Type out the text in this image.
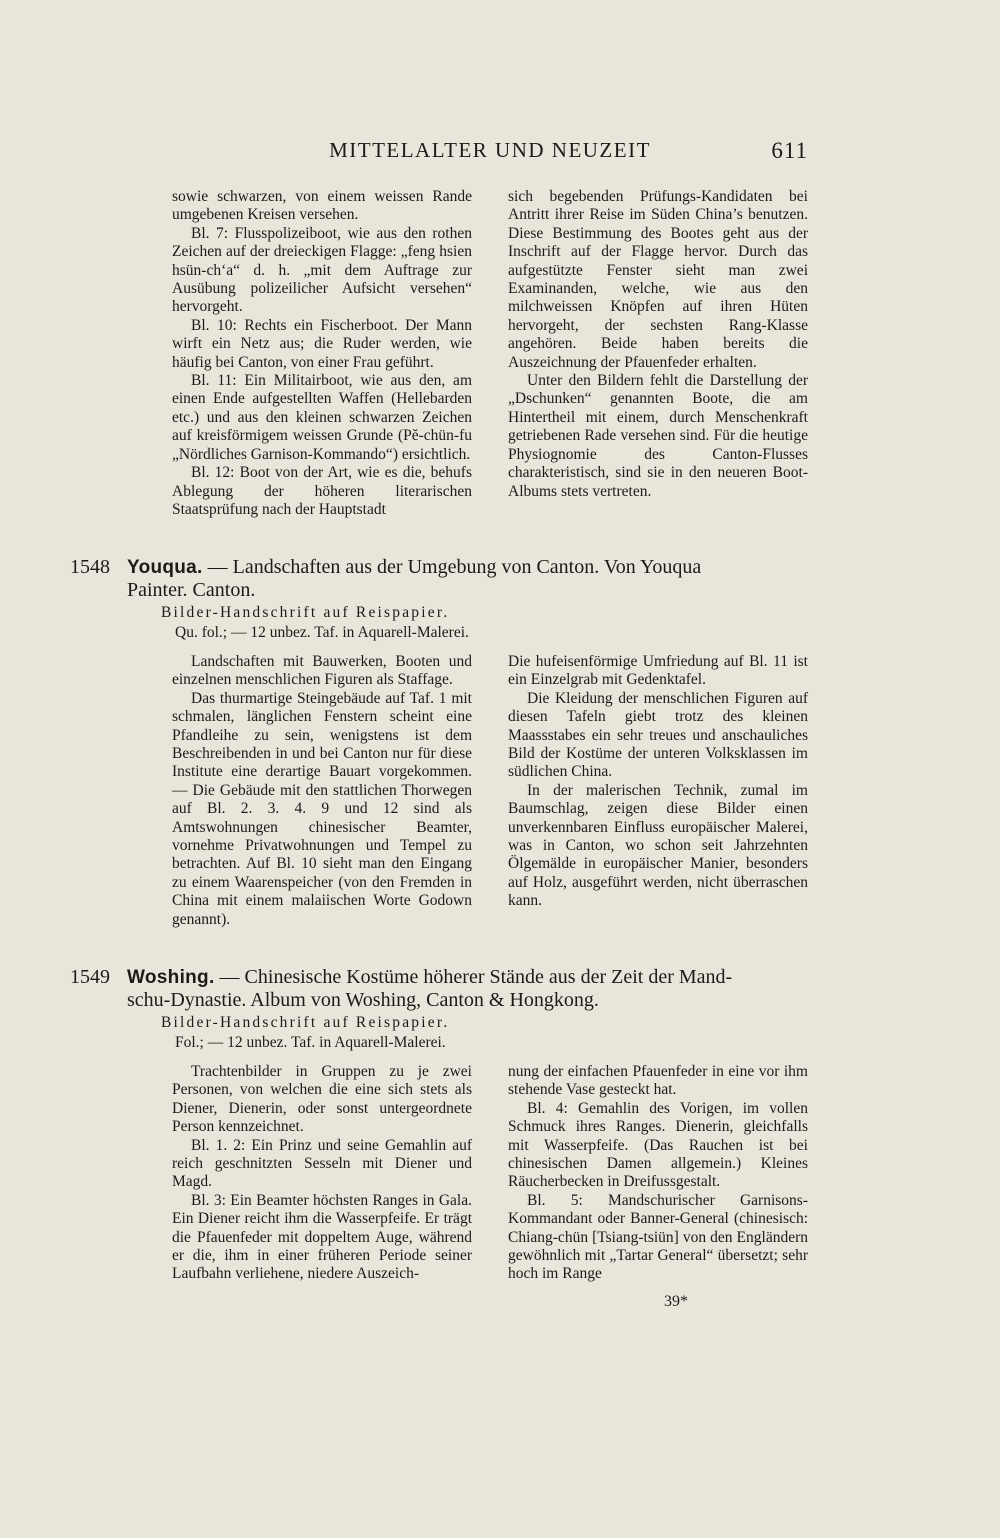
MITTELALTER UND NEUZEIT	611

sowie schwarzen, von einem weissen Rande umgebenen Kreisen versehen.

Bl. 7: Flusspolizeiboot, wie aus den rothen Zeichen auf der dreieckigen Flagge: „feng hsien hsün-ch‘a“ d. h. „mit dem Auftrage zur Ausübung polizeilicher Aufsicht versehen“ hervorgeht.

Bl. 10: Rechts ein Fischerboot. Der Mann wirft ein Netz aus; die Ruder werden, wie häufig bei Canton, von einer Frau geführt.

Bl. 11: Ein Militairboot, wie aus den, am einen Ende aufgestellten Waffen (Hellebarden etc.) und aus den kleinen schwarzen Zeichen auf kreisförmigem weissen Grunde (Pĕ-chün-fu „Nördliches Garnison-Kommando“) ersichtlich.

Bl. 12: Boot von der Art, wie es die, behufs Ablegung der höheren literarischen Staatsprüfung nach der Hauptstadt

sich begebenden Prüfungs-Kandidaten bei Antritt ihrer Reise im Süden China’s benutzen. Diese Bestimmung des Bootes geht aus der Inschrift auf der Flagge hervor. Durch das aufgestützte Fenster sieht man zwei Examinanden, welche, wie aus den milchweissen Knöpfen auf ihren Hüten hervorgeht, der sechsten Rang-Klasse angehören. Beide haben bereits die Auszeichnung der Pfauenfeder erhalten.

Unter den Bildern fehlt die Darstellung der „Dschunken“ genannten Boote, die am Hintertheil mit einem, durch Menschenkraft getriebenen Rade versehen sind. Für die heutige Physiognomie des Canton-Flusses charakteristisch, sind sie in den neueren Boot-Albums stets vertreten.

1548 Youqua. — Landschaften aus der Umgebung von Canton. Von Youqua
Painter. Canton.
Bilder-Handschrift auf Reispapier.
Qu. fol.; — 12 unbez. Taf. in Aquarell-Malerei.

Landschaften mit Bauwerken, Booten und einzelnen menschlichen Figuren als Staffage.

Das thurmartige Steingebäude auf Taf. 1 mit schmalen, länglichen Fenstern scheint eine Pfandleihe zu sein, wenigstens ist dem Beschreibenden in und bei Canton nur für diese Institute eine derartige Bauart vorgekommen. — Die Gebäude mit den stattlichen Thorwegen auf Bl. 2. 3. 4. 9 und 12 sind als Amtswohnungen chinesischer Beamter, vornehme Privatwohnungen und Tempel zu betrachten. Auf Bl. 10 sieht man den Eingang zu einem Waarenspeicher (von den Fremden in China mit einem malaiischen Worte Godown genannt).

Die hufeisenförmige Umfriedung auf Bl. 11 ist ein Einzelgrab mit Gedenktafel.

Die Kleidung der menschlichen Figuren auf diesen Tafeln giebt trotz des kleinen Maassstabes ein sehr treues und anschauliches Bild der Kostüme der unteren Volksklassen im südlichen China.

In der malerischen Technik, zumal im Baumschlag, zeigen diese Bilder einen unverkennbaren Einfluss europäischer Malerei, was in Canton, wo schon seit Jahrzehnten Ölgemälde in europäischer Manier, besonders auf Holz, ausgeführt werden, nicht überraschen kann.

1549 Woshing. — Chinesische Kostüme höherer Stände aus der Zeit der Mand-
schu-Dynastie. Album von Woshing, Canton & Hongkong.
Bilder-Handschrift auf Reispapier.
Fol.; — 12 unbez. Taf. in Aquarell-Malerei.

Trachtenbilder in Gruppen zu je zwei Personen, von welchen die eine sich stets als Diener, Dienerin, oder sonst untergeordnete Person kennzeichnet.

Bl. 1. 2: Ein Prinz und seine Gemahlin auf reich geschnitzten Sesseln mit Diener und Magd.

Bl. 3: Ein Beamter höchsten Ranges in Gala. Ein Diener reicht ihm die Wasserpfeife. Er trägt die Pfauenfeder mit doppeltem Auge, während er die, ihm in einer früheren Periode seiner Laufbahn verliehene, niedere Auszeich-

nung der einfachen Pfauenfeder in eine vor ihm stehende Vase gesteckt hat.

Bl. 4: Gemahlin des Vorigen, im vollen Schmuck ihres Ranges. Dienerin, gleichfalls mit Wasserpfeife. (Das Rauchen ist bei chinesischen Damen allgemein.) Kleines Räucherbecken in Dreifussgestalt.

Bl. 5: Mandschurischer Garnisons-Kommandant oder Banner-General (chinesisch: Chiang-chün [Tsiang-tsiün] von den Engländern gewöhnlich mit „Tartar General“ übersetzt; sehr hoch im Range

39*
